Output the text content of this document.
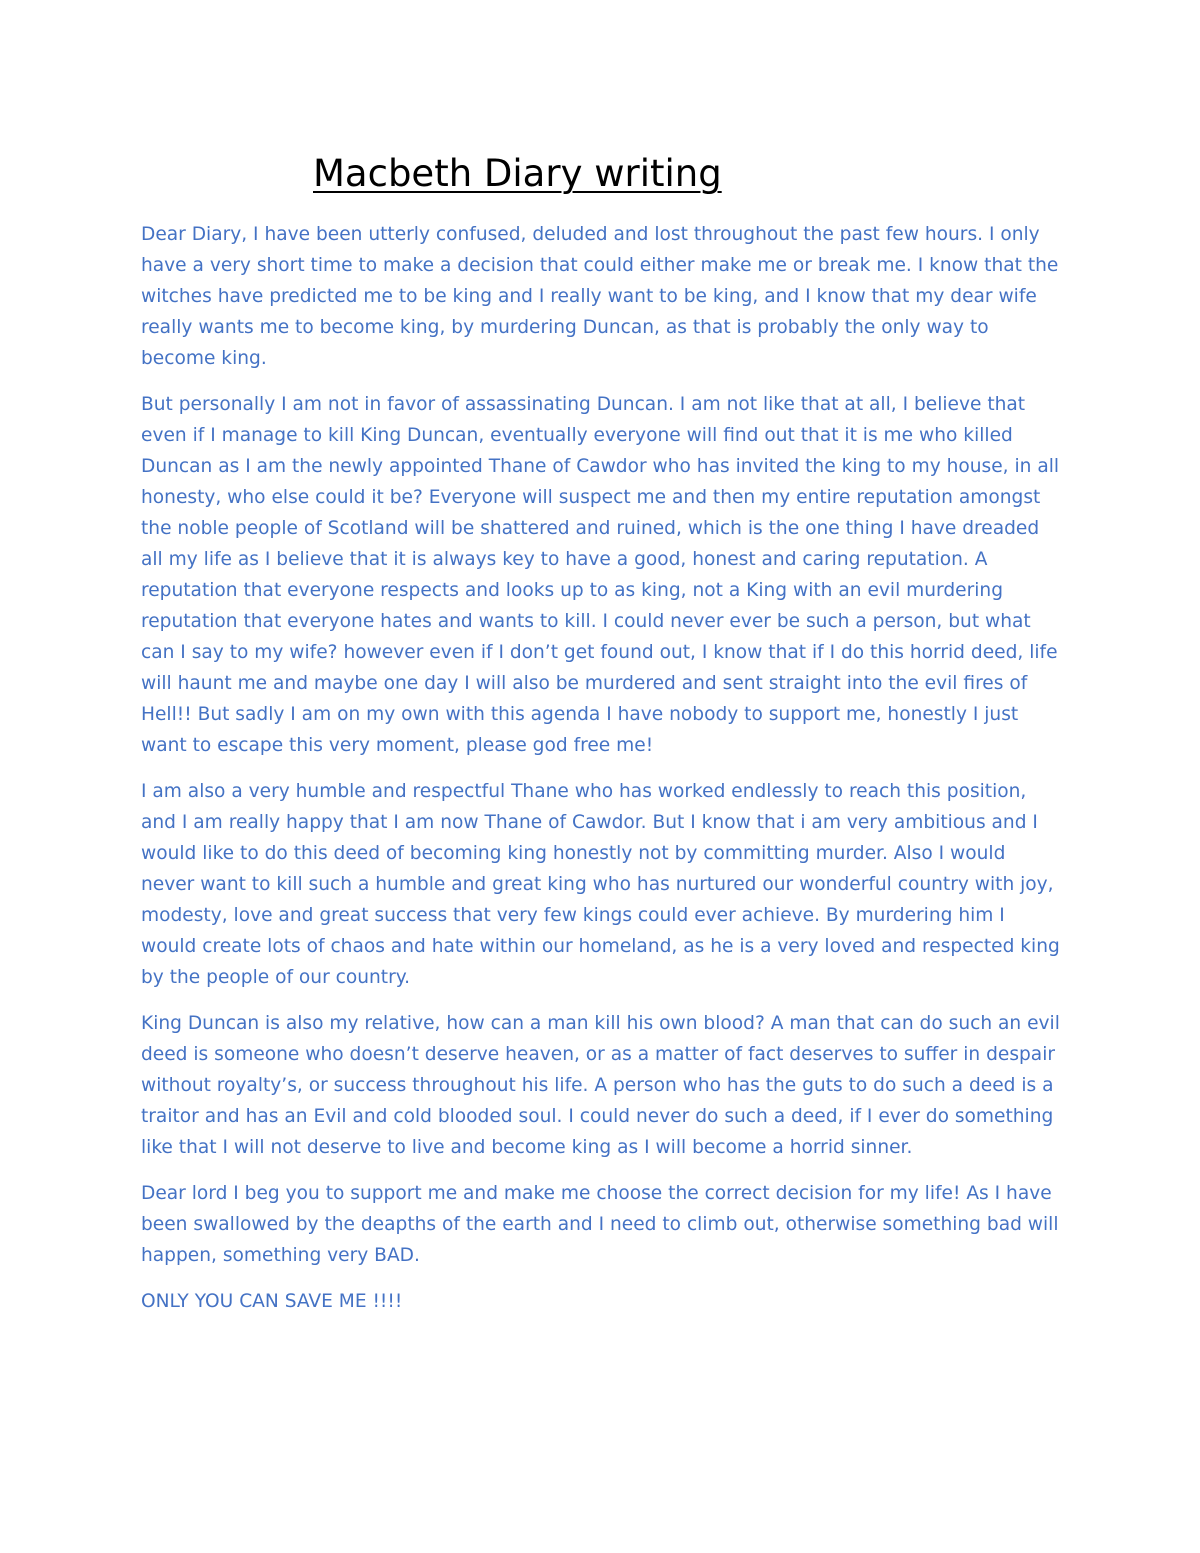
Macbeth Diary writing

Dear Diary, I have been utterly confused, deluded and lost throughout the past few hours. I only have a very short time to make a decision that could either make me or break me. I know that the witches have predicted me to be king and I really want to be king, and I know that my dear wife really wants me to become king, by murdering Duncan, as that is probably the only way to become king.

But personally I am not in favor of assassinating Duncan. I am not like that at all, I believe that even if I manage to kill King Duncan, eventually everyone will find out that it is me who killed Duncan as I am the newly appointed Thane of Cawdor who has invited the king to my house, in all honesty, who else could it be? Everyone will suspect me and then my entire reputation amongst the noble people of Scotland will be shattered and ruined, which is the one thing I have dreaded all my life as I believe that it is always key to have a good, honest and caring reputation. A reputation that everyone respects and looks up to as king, not a King with an evil murdering reputation that everyone hates and wants to kill. I could never ever be such a person, but what can I say to my wife? however even if I don’t get found out, I know that if I do this horrid deed, life will haunt me and maybe one day I will also be murdered and sent straight into the evil fires of Hell!! But sadly I am on my own with this agenda I have nobody to support me, honestly I just want to escape this very moment, please god free me!

I am also a very humble and respectful Thane who has worked endlessly to reach this position, and I am really happy that I am now Thane of Cawdor. But I know that i am very ambitious and I would like to do this deed of becoming king honestly not by committing murder. Also I would never want to kill such a humble and great king who has nurtured our wonderful country with joy, modesty, love and great success that very few kings could ever achieve. By murdering him I would create lots of chaos and hate within our homeland, as he is a very loved and respected king by the people of our country.

King Duncan is also my relative, how can a man kill his own blood? A man that can do such an evil deed is someone who doesn’t deserve heaven, or as a matter of fact deserves to suffer in despair without royalty’s, or success throughout his life. A person who has the guts to do such a deed is a traitor and has an Evil and cold blooded soul. I could never do such a deed, if I ever do something like that I will not deserve to live and become king as I will become a horrid sinner.

Dear lord I beg you to support me and make me choose the correct decision for my life! As I have been swallowed by the deapths of the earth and I need to climb out, otherwise something bad will happen, something very BAD.

ONLY YOU CAN SAVE ME !!!!
